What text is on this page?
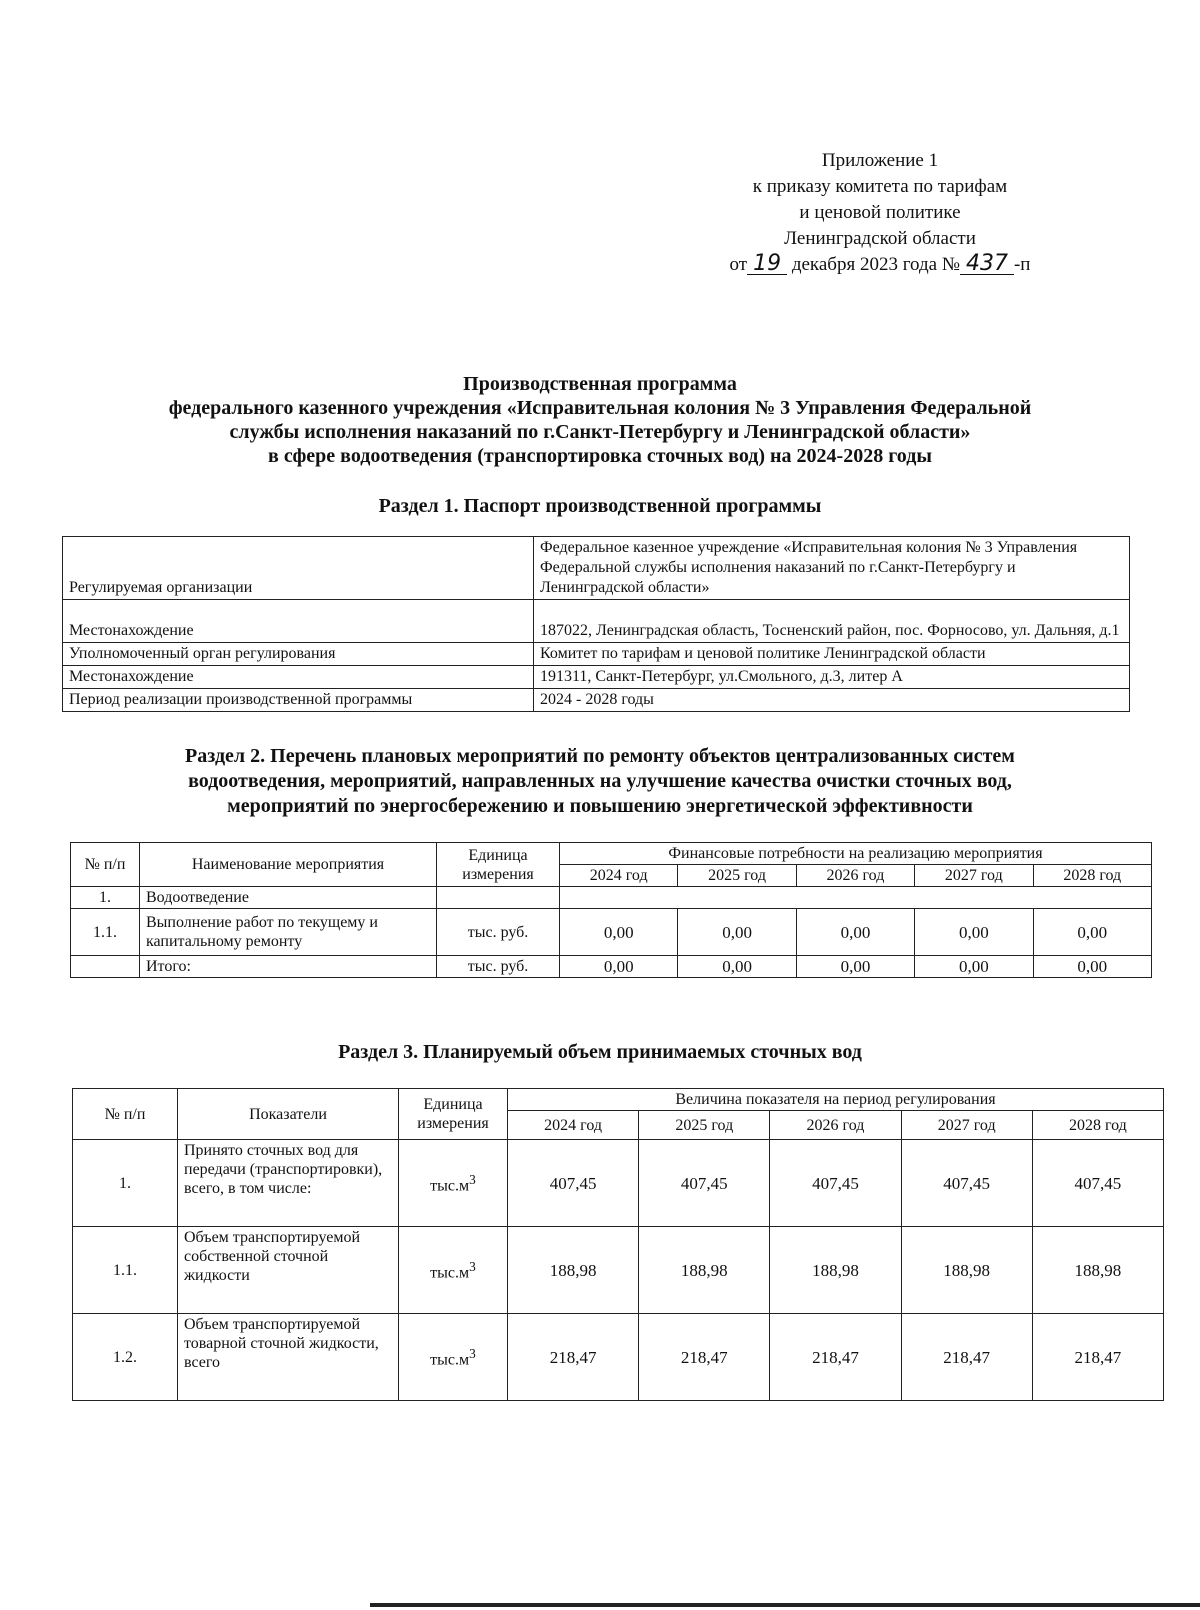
Приложение 1
к приказу комитета по тарифам
и ценовой политике
Ленинградской области
от 19 декабря 2023 года № 437 -п
Производственная программа
федерального казенного учреждения «Исправительная колония № 3 Управления Федеральной
службы исполнения наказаний по г.Санкт-Петербургу и Ленинградской области»
в сфере водоотведения (транспортировка сточных вод) на 2024-2028 годы
Раздел 1. Паспорт производственной программы
Регулируемая организации	Федеральное казенное учреждение «Исправительная колония № 3 Управления Федеральной службы исполнения наказаний по г.Санкт-Петербургу и Ленинградской области»
Местонахождение	187022, Ленинградская область, Тосненский район, пос. Форносово, ул. Дальняя, д.1
Уполномоченный орган регулирования	Комитет по тарифам и ценовой политике Ленинградской области
Местонахождение	191311, Санкт-Петербург, ул.Смольного, д.3, литер А
Период реализации производственной программы	2024 - 2028 годы
Раздел 2. Перечень плановых мероприятий по ремонту объектов централизованных систем
водоотведения, мероприятий, направленных на улучшение качества очистки сточных вод,
мероприятий по энергосбережению и повышению энергетической эффективности
№ п/п	Наименование мероприятия	Единица измерения	Финансовые потребности на реализацию мероприятия				
			2024 год	2025 год	2026 год	2027 год	2028 год
1.	Водоотведение						
1.1.	Выполнение работ по текущему и капитальному ремонту	тыс. руб.	0,00	0,00	0,00	0,00	0,00
	Итого:	тыс. руб.	0,00	0,00	0,00	0,00	0,00
Раздел 3. Планируемый объем принимаемых сточных вод
№ п/п	Показатели	Единица измерения	Величина показателя на период регулирования				
			2024 год	2025 год	2026 год	2027 год	2028 год
1.	Принято сточных вод для передачи (транспортировки), всего, в том числе:	$тыс.м^3$	407,45	407,45	407,45	407,45	407,45
1.1.	Объем транспортируемой собственной сточной жидкости	$тыс.м^3$	188,98	188,98	188,98	188,98	188,98
1.2.	Объем транспортируемой товарной сточной жидкости, всего	$тыс.м^3$	218,47	218,47	218,47	218,47	218,47
